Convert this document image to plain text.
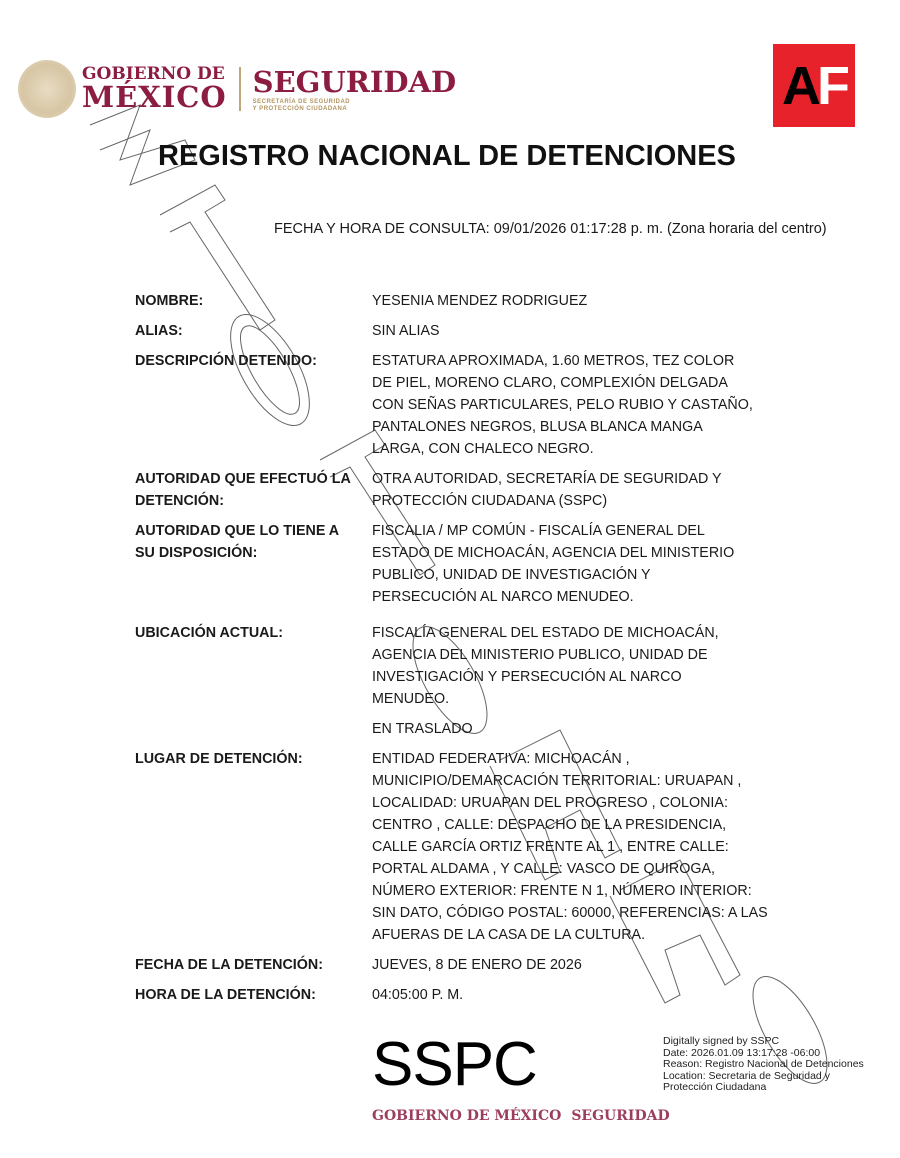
GOBIERNO DE
MÉXICO SEGURIDAD
SECRETARÍA DE SEGURIDAD
Y PROTECCIÓN CIUDADANA	A F
REGISTRO NACIONAL DE DETENCIONES
FECHA Y HORA DE CONSULTA: 09/01/2026 01:17:28 p. m. (Zona horaria del centro)
NOMBRE:	YESENIA MENDEZ RODRIGUEZ
ALIAS:	SIN ALIAS
DESCRIPCIÓN DETENIDO:	ESTATURA APROXIMADA, 1.60 METROS, TEZ COLOR DE PIEL, MORENO CLARO, COMPLEXIÓN DELGADA CON SEÑAS PARTICULARES, PELO RUBIO Y CASTAÑO, PANTALONES NEGROS, BLUSA BLANCA MANGA LARGA, CON CHALECO NEGRO.
AUTORIDAD QUE EFECTUÓ LA DETENCIÓN:
OTRA AUTORIDAD, SECRETARÍA DE SEGURIDAD Y PROTECCIÓN CIUDADANA (SSPC)
AUTORIDAD QUE LO TIENE A SU DISPOSICIÓN:
FISCALIA / MP COMÚN - FISCALÍA GENERAL DEL ESTADO DE MICHOACÁN, AGENCIA DEL MINISTERIO PUBLICO, UNIDAD DE INVESTIGACIÓN Y PERSECUCIÓN AL NARCO MENUDEO.
UBICACIÓN ACTUAL:	FISCALÍA GENERAL DEL ESTADO DE MICHOACÁN, AGENCIA DEL MINISTERIO PUBLICO, UNIDAD DE INVESTIGACIÓN Y PERSECUCIÓN AL NARCO MENUDEO.
EN TRASLADO
LUGAR DE DETENCIÓN:	ENTIDAD FEDERATIVA: MICHOACÁN , MUNICIPIO/DEMARCACIÓN TERRITORIAL: URUAPAN , LOCALIDAD: URUAPAN DEL PROGRESO , COLONIA: CENTRO , CALLE: DESPACHO DE LA PRESIDENCIA, CALLE GARCÍA ORTIZ FRENTE AL 1 , ENTRE CALLE: PORTAL ALDAMA , Y CALLE: VASCO DE QUIROGA, NÚMERO EXTERIOR: FRENTE N 1, NÚMERO INTERIOR: SIN DATO, CÓDIGO POSTAL: 60000, REFERENCIAS: A LAS AFUERAS DE LA CASA DE LA CULTURA.
FECHA DE LA DETENCIÓN:	JUEVES, 8 DE ENERO DE 2026
HORA DE LA DETENCIÓN:	04:05:00 P. M.
SSPC
GOBIERNO DE MÉXICO SEGURIDAD
Digitally signed by SSPC
Date: 2026.01.09 13:17:28 -06:00
Reason: Registro Nacional de Detenciones
Location: Secretaria de Seguridad y
Protección Ciudadana
